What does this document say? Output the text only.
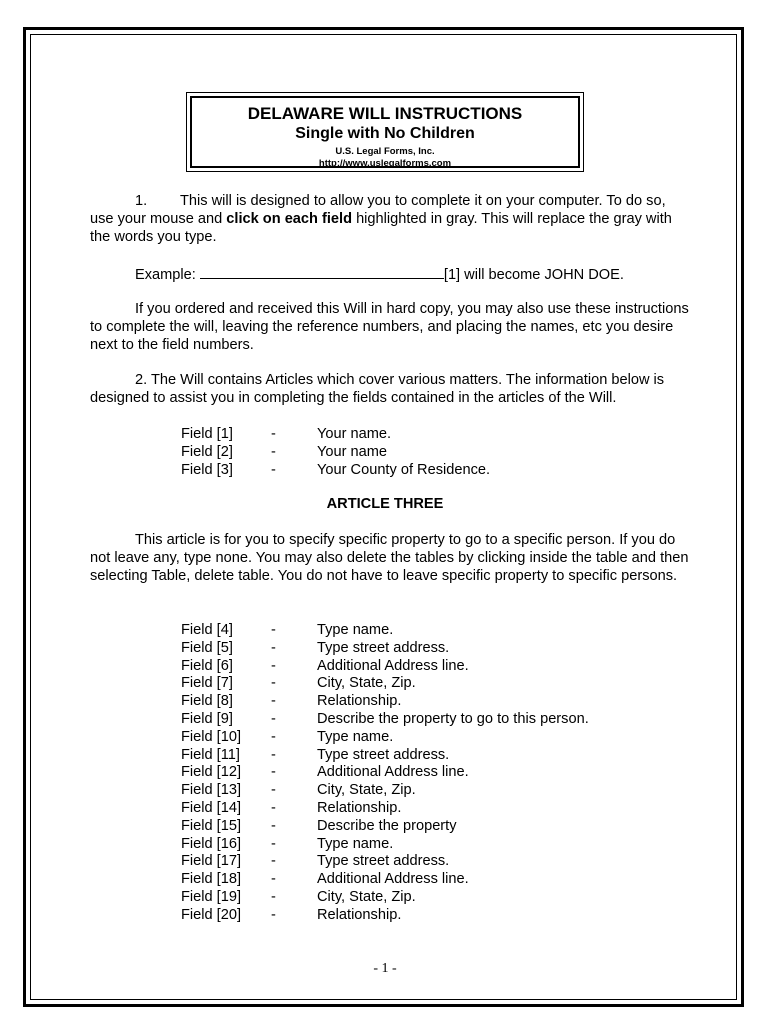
DELAWARE WILL INSTRUCTIONS
Single with No Children
U.S. Legal Forms, Inc.
http://www.uslegalforms.com
1. This will is designed to allow you to complete it on your computer. To do so, use your mouse and click on each field highlighted in gray. This will replace the gray with the words you type.
Example:	[1] will become JOHN DOE.
If you ordered and received this Will in hard copy, you may also use these instructions to complete the will, leaving the reference numbers, and placing the names, etc you desire next to the field numbers.
2. The Will contains Articles which cover various matters. The information below is designed to assist you in completing the fields contained in the articles of the Will.
Field [1]	-	Your name.
Field [2]	-	Your name
Field [3]	-	Your County of Residence.
ARTICLE THREE
This article is for you to specify specific property to go to a specific person. If you do not leave any, type none. You may also delete the tables by clicking inside the table and then selecting Table, delete table. You do not have to leave specific property to specific persons.
Field [4]	-	Type name.
Field [5]	-	Type street address.
Field [6]	-	Additional Address line.
Field [7]	-	City, State, Zip.
Field [8]	-	Relationship.
Field [9]	-	Describe the property to go to this person.
Field [10] -	Type name.
Field [11] -	Type street address.
Field [12] -	Additional Address line.
Field [13] -	City, State, Zip.
Field [14] -	Relationship.
Field [15] -	Describe the property
Field [16] -	Type name.
Field [17] -	Type street address.
Field [18] -	Additional Address line.
Field [19] -	City, State, Zip.
Field [20] -	Relationship.
- 1 -
